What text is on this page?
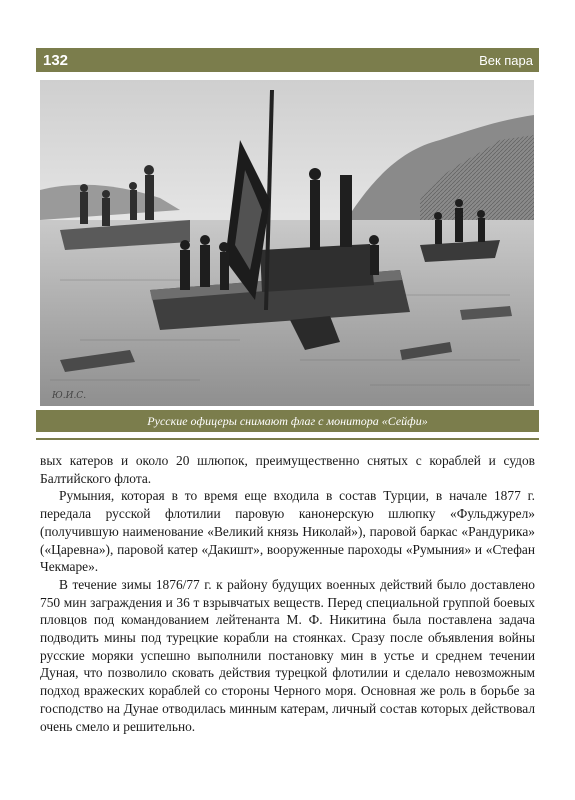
132	Век пара
Ю.И.С.
Русские офицеры снимают флаг с монитора «Сейфи»

вых катеров и около 20 шлюпок, преимущественно снятых с кораблей и судов Балтийского флота.

Румыния, которая в то время еще входила в состав Турции, в начале 1877 г. передала русской флотилии паровую канонерскую шлюпку «Фульджурел» (получившую наименование «Великий князь Николай»), паровой баркас «Рандурика» («Царевна»), паровой катер «Дакишт», вооруженные пароходы «Румыния» и «Стефан Чекмаре».

В течение зимы 1876/77 г. к району будущих военных действий было доставлено 750 мин заграждения и 36 т взрывчатых веществ. Перед специальной группой боевых пловцов под командованием лейтенанта М. Ф. Никитина была поставлена задача подводить мины под турецкие корабли на стоянках. Сразу после объявления войны русские моряки успешно выполнили постановку мин в устье и среднем течении Дуная, что позволило сковать действия турецкой флотилии и сделало невозможным подход вражеских кораблей со стороны Черного моря. Основная же роль в борьбе за господство на Дунае отводилась минным катерам, личный состав которых действовал очень смело и решительно.
